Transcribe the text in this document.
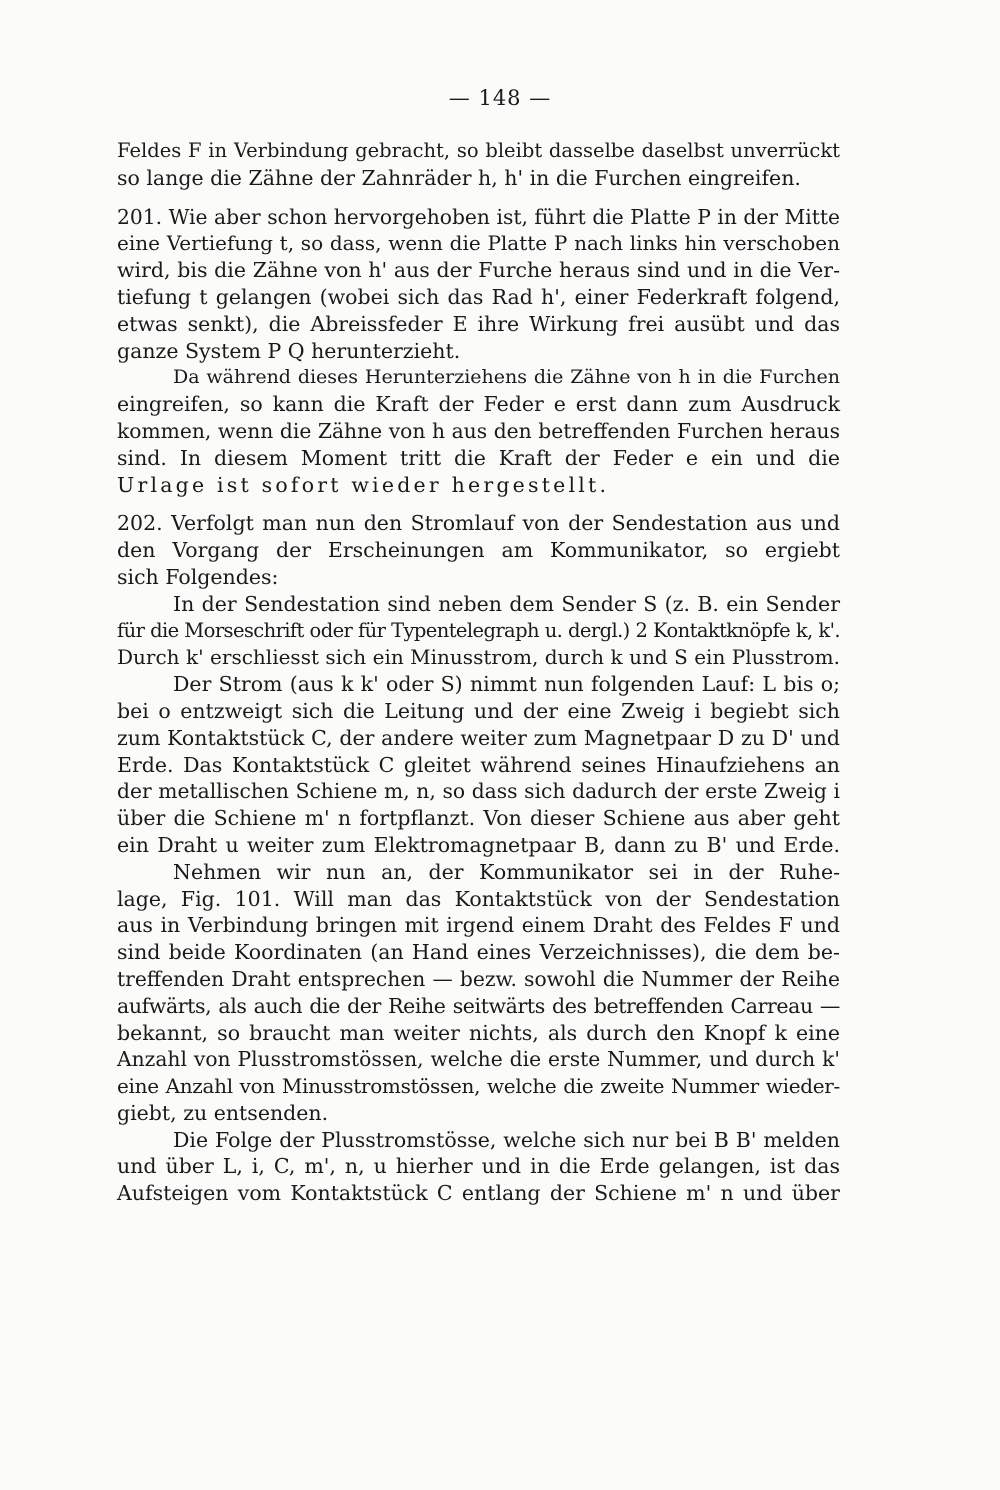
— 148 —
Feldes F in Verbindung gebracht, so bleibt dasselbe daselbst unverrückt
so lange die Zähne der Zahnräder h, h' in die Furchen eingreifen.
201. Wie aber schon hervorgehoben ist, führt die Platte P in der Mitte
eine Vertiefung t, so dass, wenn die Platte P nach links hin verschoben
wird, bis die Zähne von h' aus der Furche heraus sind und in die Ver-
tiefung t gelangen (wobei sich das Rad h', einer Federkraft folgend,
etwas senkt), die Abreissfeder E ihre Wirkung frei ausübt und das
ganze System P Q herunterzieht.
Da während dieses Herunterziehens die Zähne von h in die Furchen
eingreifen, so kann die Kraft der Feder e erst dann zum Ausdruck
kommen, wenn die Zähne von h aus den betreffenden Furchen heraus
sind. In diesem Moment tritt die Kraft der Feder e ein und die
Urlage ist sofort wieder hergestellt.
202. Verfolgt man nun den Stromlauf von der Sendestation aus und
den Vorgang der Erscheinungen am Kommunikator, so ergiebt
sich Folgendes:
In der Sendestation sind neben dem Sender S (z. B. ein Sender
für die Morseschrift oder für Typentelegraph u. dergl.) 2 Kontaktknöpfe k, k'.
Durch k' erschliesst sich ein Minusstrom, durch k und S ein Plusstrom.
Der Strom (aus k k' oder S) nimmt nun folgenden Lauf: L bis o;
bei o entzweigt sich die Leitung und der eine Zweig i begiebt sich
zum Kontaktstück C, der andere weiter zum Magnetpaar D zu D' und
Erde. Das Kontaktstück C gleitet während seines Hinaufziehens an
der metallischen Schiene m, n, so dass sich dadurch der erste Zweig i
über die Schiene m' n fortpflanzt. Von dieser Schiene aus aber geht
ein Draht u weiter zum Elektromagnetpaar B, dann zu B' und Erde.
Nehmen wir nun an, der Kommunikator sei in der Ruhe-
lage, Fig. 101. Will man das Kontaktstück von der Sendestation
aus in Verbindung bringen mit irgend einem Draht des Feldes F und
sind beide Koordinaten (an Hand eines Verzeichnisses), die dem be-
treffenden Draht entsprechen — bezw. sowohl die Nummer der Reihe
aufwärts, als auch die der Reihe seitwärts des betreffenden Carreau —
bekannt, so braucht man weiter nichts, als durch den Knopf k eine
Anzahl von Plusstromstössen, welche die erste Nummer, und durch k'
eine Anzahl von Minusstromstössen, welche die zweite Nummer wieder-
giebt, zu entsenden.
Die Folge der Plusstromstösse, welche sich nur bei B B' melden
und über L, i, C, m', n, u hierher und in die Erde gelangen, ist das
Aufsteigen vom Kontaktstück C entlang der Schiene m' n und über
